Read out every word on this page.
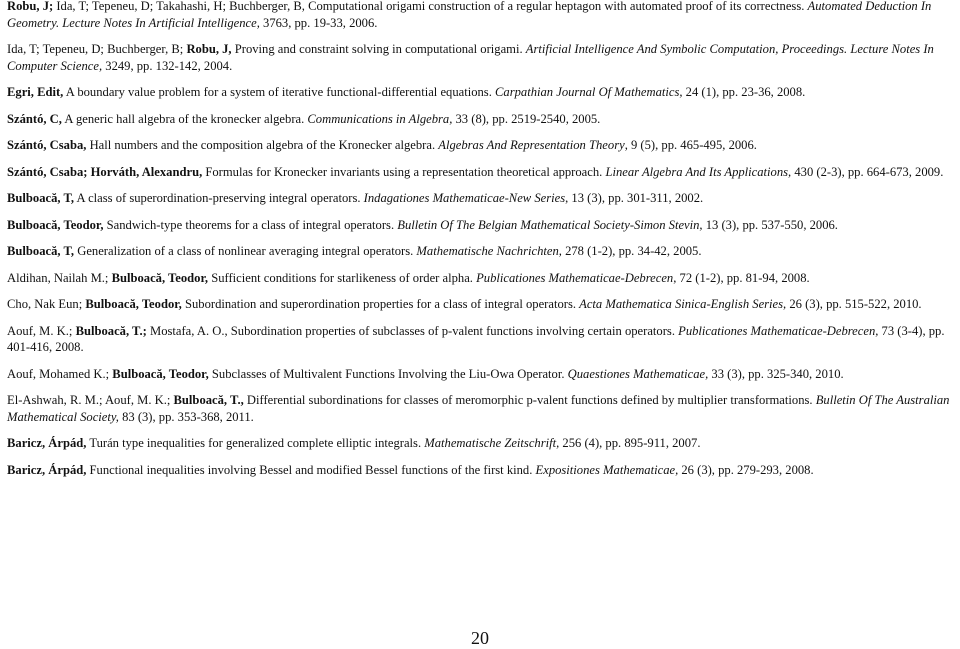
Robu, J; Ida, T; Tepeneu, D; Takahashi, H; Buchberger, B, Computational origami construction of a regular heptagon with automated proof of its correctness. Automated Deduction In Geometry. Lecture Notes In Artificial Intelligence, 3763, pp. 19-33, 2006.

Ida, T; Tepeneu, D; Buchberger, B; Robu, J, Proving and constraint solving in computational origami. Artificial Intelligence And Symbolic Computation, Proceedings. Lecture Notes In Computer Science, 3249, pp. 132-142, 2004.

Egri, Edit, A boundary value problem for a system of iterative functional-differential equations. Carpathian Journal Of Mathematics, 24 (1), pp. 23-36, 2008.

Szántó, C, A generic hall algebra of the kronecker algebra. Communications in Algebra, 33 (8), pp. 2519-2540, 2005.

Szántó, Csaba, Hall numbers and the composition algebra of the Kronecker algebra. Algebras And Representation Theory, 9 (5), pp. 465-495, 2006.

Szántó, Csaba; Horváth, Alexandru, Formulas for Kronecker invariants using a representation theoretical approach. Linear Algebra And Its Applications, 430 (2-3), pp. 664-673, 2009.

Bulboacă, T, A class of superordination-preserving integral operators. Indagationes Mathematicae-New Series, 13 (3), pp. 301-311, 2002.

Bulboacă, Teodor, Sandwich-type theorems for a class of integral operators. Bulletin Of The Belgian Mathematical Society-Simon Stevin, 13 (3), pp. 537-550, 2006.

Bulboacă, T, Generalization of a class of nonlinear averaging integral operators. Mathematische Nachrichten, 278 (1-2), pp. 34-42, 2005.

Aldihan, Nailah M.; Bulboacă, Teodor, Sufficient conditions for starlikeness of order alpha. Publicationes Mathematicae-Debrecen, 72 (1-2), pp. 81-94, 2008.

Cho, Nak Eun; Bulboacă, Teodor, Subordination and superordination properties for a class of integral operators. Acta Mathematica Sinica-English Series, 26 (3), pp. 515-522, 2010.

Aouf, M. K.; Bulboacă, T.; Mostafa, A. O., Subordination properties of subclasses of p-valent functions involving certain operators. Publicationes Mathematicae-Debrecen, 73 (3-4), pp. 401-416, 2008.

Aouf, Mohamed K.; Bulboacă, Teodor, Subclasses of Multivalent Functions Involving the Liu-Owa Operator. Quaestiones Mathematicae, 33 (3), pp. 325-340, 2010.

El-Ashwah, R. M.; Aouf, M. K.; Bulboacă, T., Differential subordinations for classes of meromorphic p-valent functions defined by multiplier transformations. Bulletin Of The Australian Mathematical Society, 83 (3), pp. 353-368, 2011.

Baricz, Árpád, Turán type inequalities for generalized complete elliptic integrals. Mathematische Zeitschrift, 256 (4), pp. 895-911, 2007.

Baricz, Árpád, Functional inequalities involving Bessel and modified Bessel functions of the first kind. Expositiones Mathematicae, 26 (3), pp. 279-293, 2008.

20
